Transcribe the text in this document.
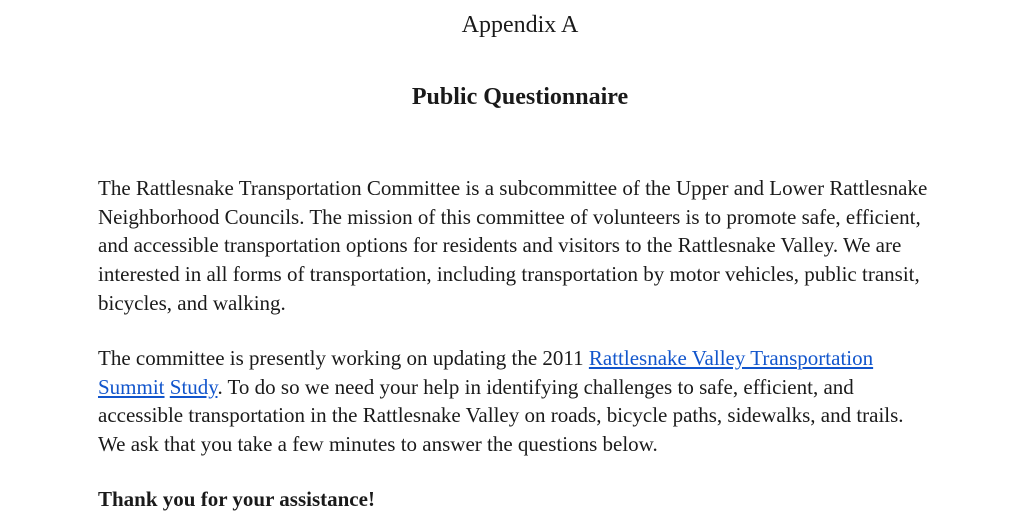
Appendix A
Public Questionnaire

The Rattlesnake Transportation Committee is a subcommittee of the Upper and Lower Rattlesnake Neighborhood Councils. The mission of this committee of volunteers is to promote safe, efficient, and accessible transportation options for residents and visitors to the Rattlesnake Valley. We are interested in all forms of transportation, including transportation by motor vehicles, public transit, bicycles, and walking.

The committee is presently working on updating the 2011 Rattlesnake Valley Transportation Summit Study. To do so we need your help in identifying challenges to safe, efficient, and accessible transportation in the Rattlesnake Valley on roads, bicycle paths, sidewalks, and trails. We ask that you take a few minutes to answer the questions below.

Thank you for your assistance!
